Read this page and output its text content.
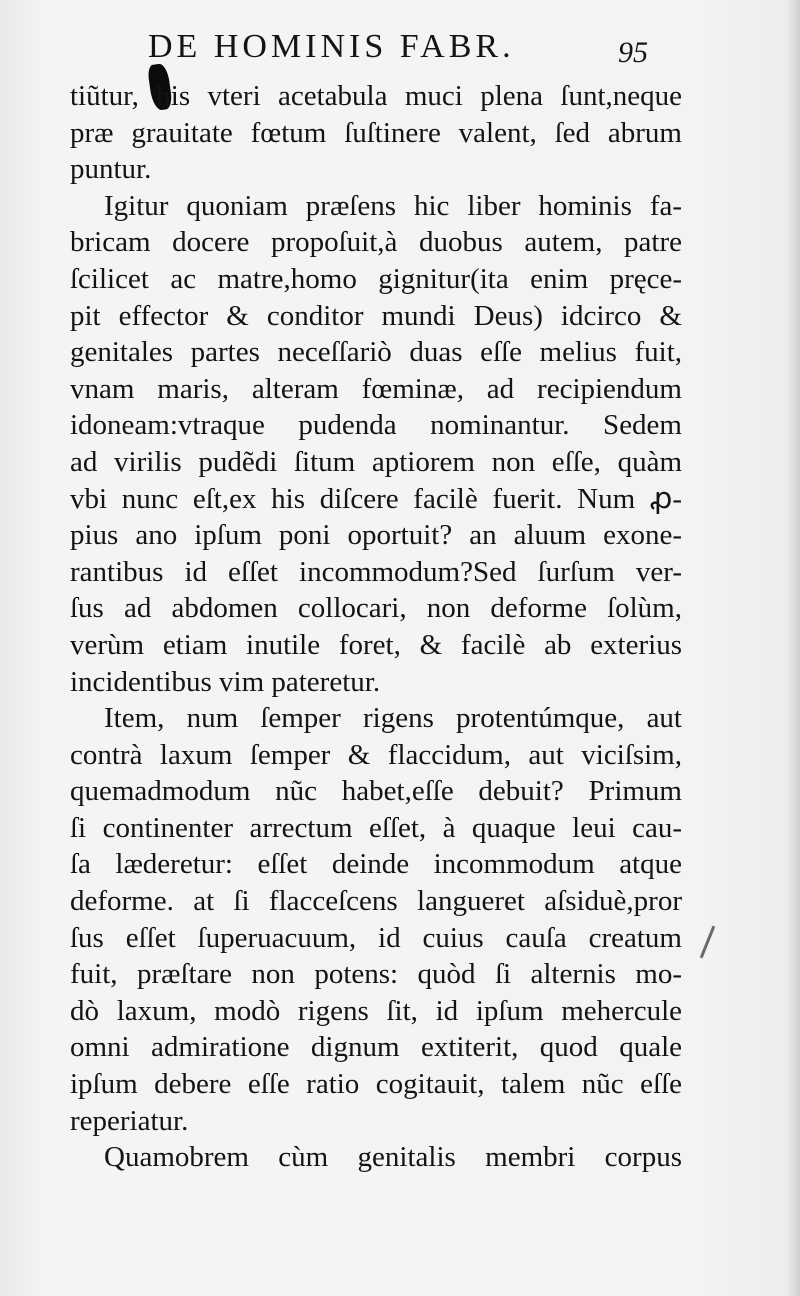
DE HOMINIS FABR.	95
tiũtur, his vteri acetabula muci plena ſunt,neque
præ grauitate fœtum ſuſtinere valent, ſed abrum
puntur.
Igitur quoniam præſens hic liber hominis fa-
bricam docere propoſuit,à duobus autem, patre
ſcilicet ac matre,homo gignitur(ita enim pręce-
pit effector & conditor mundi Deus) idcirco &
genitales partes neceſſariò duas eſſe melius fuit,
vnam maris, alteram fœminæ, ad recipiendum
idoneam:vtraque pudenda nominantur. Sedem
ad virilis pudẽdi ſitum aptiorem non eſſe, quàm
vbi nunc eſt,ex his diſcere facilè fuerit. Num ꝓ-
pius ano ipſum poni oportuit? an aluum exone-
rantibus id eſſet incommodum?Sed ſurſum ver-
ſus ad abdomen collocari, non deforme ſolùm,
verùm etiam inutile foret, & facilè ab exterius
incidentibus vim pateretur.
Item, num ſemper rigens protentúmque, aut
contrà laxum ſemper & flaccidum, aut viciſsim,
quemadmodum nũc habet,eſſe debuit? Primum
ſi continenter arrectum eſſet, à quaque leui cau-
ſa læderetur: eſſet deinde incommodum atque
deforme. at ſi flacceſcens langueret aſsiduè,pror
ſus eſſet ſuperuacuum, id cuius cauſa creatum
fuit, præſtare non potens: quòd ſi alternis mo-
dò laxum, modò rigens ſit, id ipſum mehercule
omni admiratione dignum extiterit, quod quale
ipſum debere eſſe ratio cogitauit, talem nũc eſſe
reperiatur.
Quamobrem cùm genitalis membri corpus
